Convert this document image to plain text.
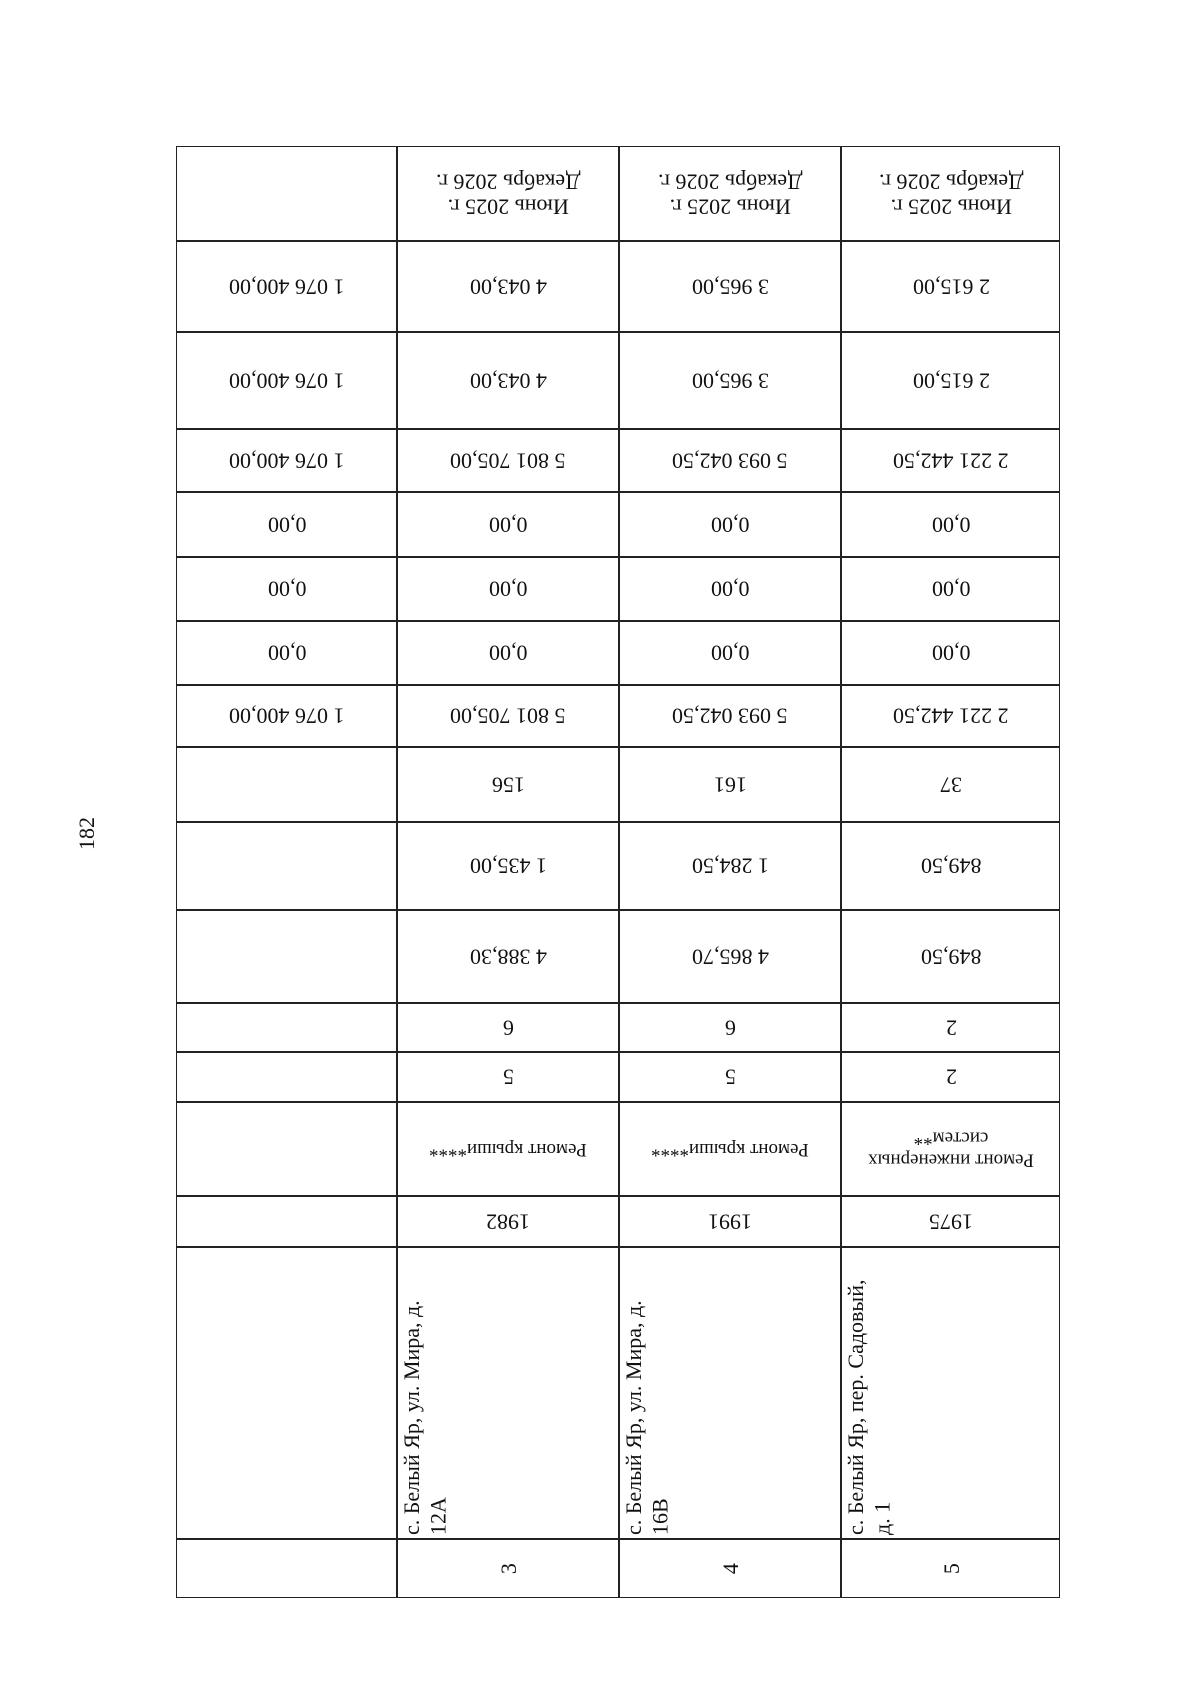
182
1 076 400,00
1 076 400,00
1 076 400,00
0,00
0,00
0,00
1 076 400,00
Июнь 2025 г.
Декабрь 2026 г.
4 043,00
4 043,00
5 801 705,00
0,00
0,00
0,00
5 801 705,00
156
1 435,00
4 388,30
6
5
Ремонт крыши****
1982
с. Белый Яр, ул. Мира, д. 12А
3
Июнь 2025 г.
Декабрь 2026 г.
3 965,00
3 965,00
5 093 042,50
0,00
0,00
0,00
5 093 042,50
161
1 284,50
4 865,70
6
5
Ремонт крыши****
1991
с. Белый Яр, ул. Мира, д. 16В
4
Июнь 2025 г.
Декабрь 2026 г.
2 615,00
2 615,00
2 221 442,50
0,00
0,00
0,00
2 221 442,50
37
849,50
849,50
2
2
Ремонт инженерных систем**
1975
с. Белый Яр, пер. Садовый, д. 1
5
